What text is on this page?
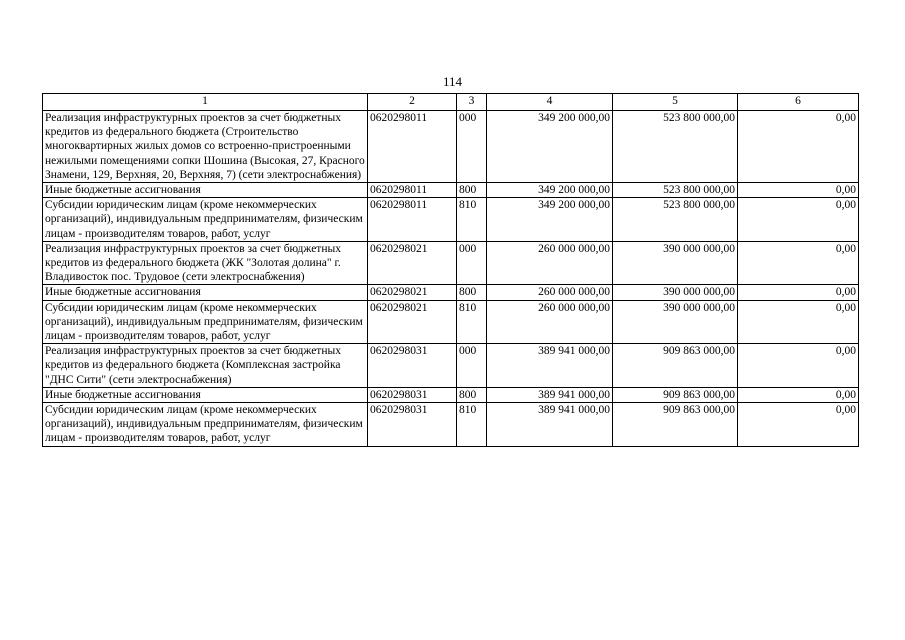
114
1	2	3	4	5	6
Реализация инфраструктурных проектов за счет бюджетных кредитов из федерального бюджета (Строительство многоквартирных жилых домов со встроенно-пристроенными нежилыми помещениями сопки Шошина (Высокая, 27, Красного Знамени, 129, Верхняя, 20, Верхняя, 7) (сети электроснабжения)	0620298011	000	349 200 000,00	523 800 000,00	0,00
Иные бюджетные ассигнования	0620298011	800	349 200 000,00	523 800 000,00	0,00
Субсидии юридическим лицам (кроме некоммерческих организаций), индивидуальным предпринимателям, физическим лицам - производителям товаров, работ, услуг	0620298011	810	349 200 000,00	523 800 000,00	0,00
Реализация инфраструктурных проектов за счет бюджетных кредитов из федерального бюджета (ЖК "Золотая долина" г. Владивосток пос. Трудовое (сети электроснабжения)	0620298021	000	260 000 000,00	390 000 000,00	0,00
Иные бюджетные ассигнования	0620298021	800	260 000 000,00	390 000 000,00	0,00
Субсидии юридическим лицам (кроме некоммерческих организаций), индивидуальным предпринимателям, физическим лицам - производителям товаров, работ, услуг	0620298021	810	260 000 000,00	390 000 000,00	0,00
Реализация инфраструктурных проектов за счет бюджетных кредитов из федерального бюджета (Комплексная застройка "ДНС Сити" (сети электроснабжения)	0620298031	000	389 941 000,00	909 863 000,00	0,00
Иные бюджетные ассигнования	0620298031	800	389 941 000,00	909 863 000,00	0,00
Субсидии юридическим лицам (кроме некоммерческих организаций), индивидуальным предпринимателям, физическим лицам - производителям товаров, работ, услуг	0620298031	810	389 941 000,00	909 863 000,00	0,00
